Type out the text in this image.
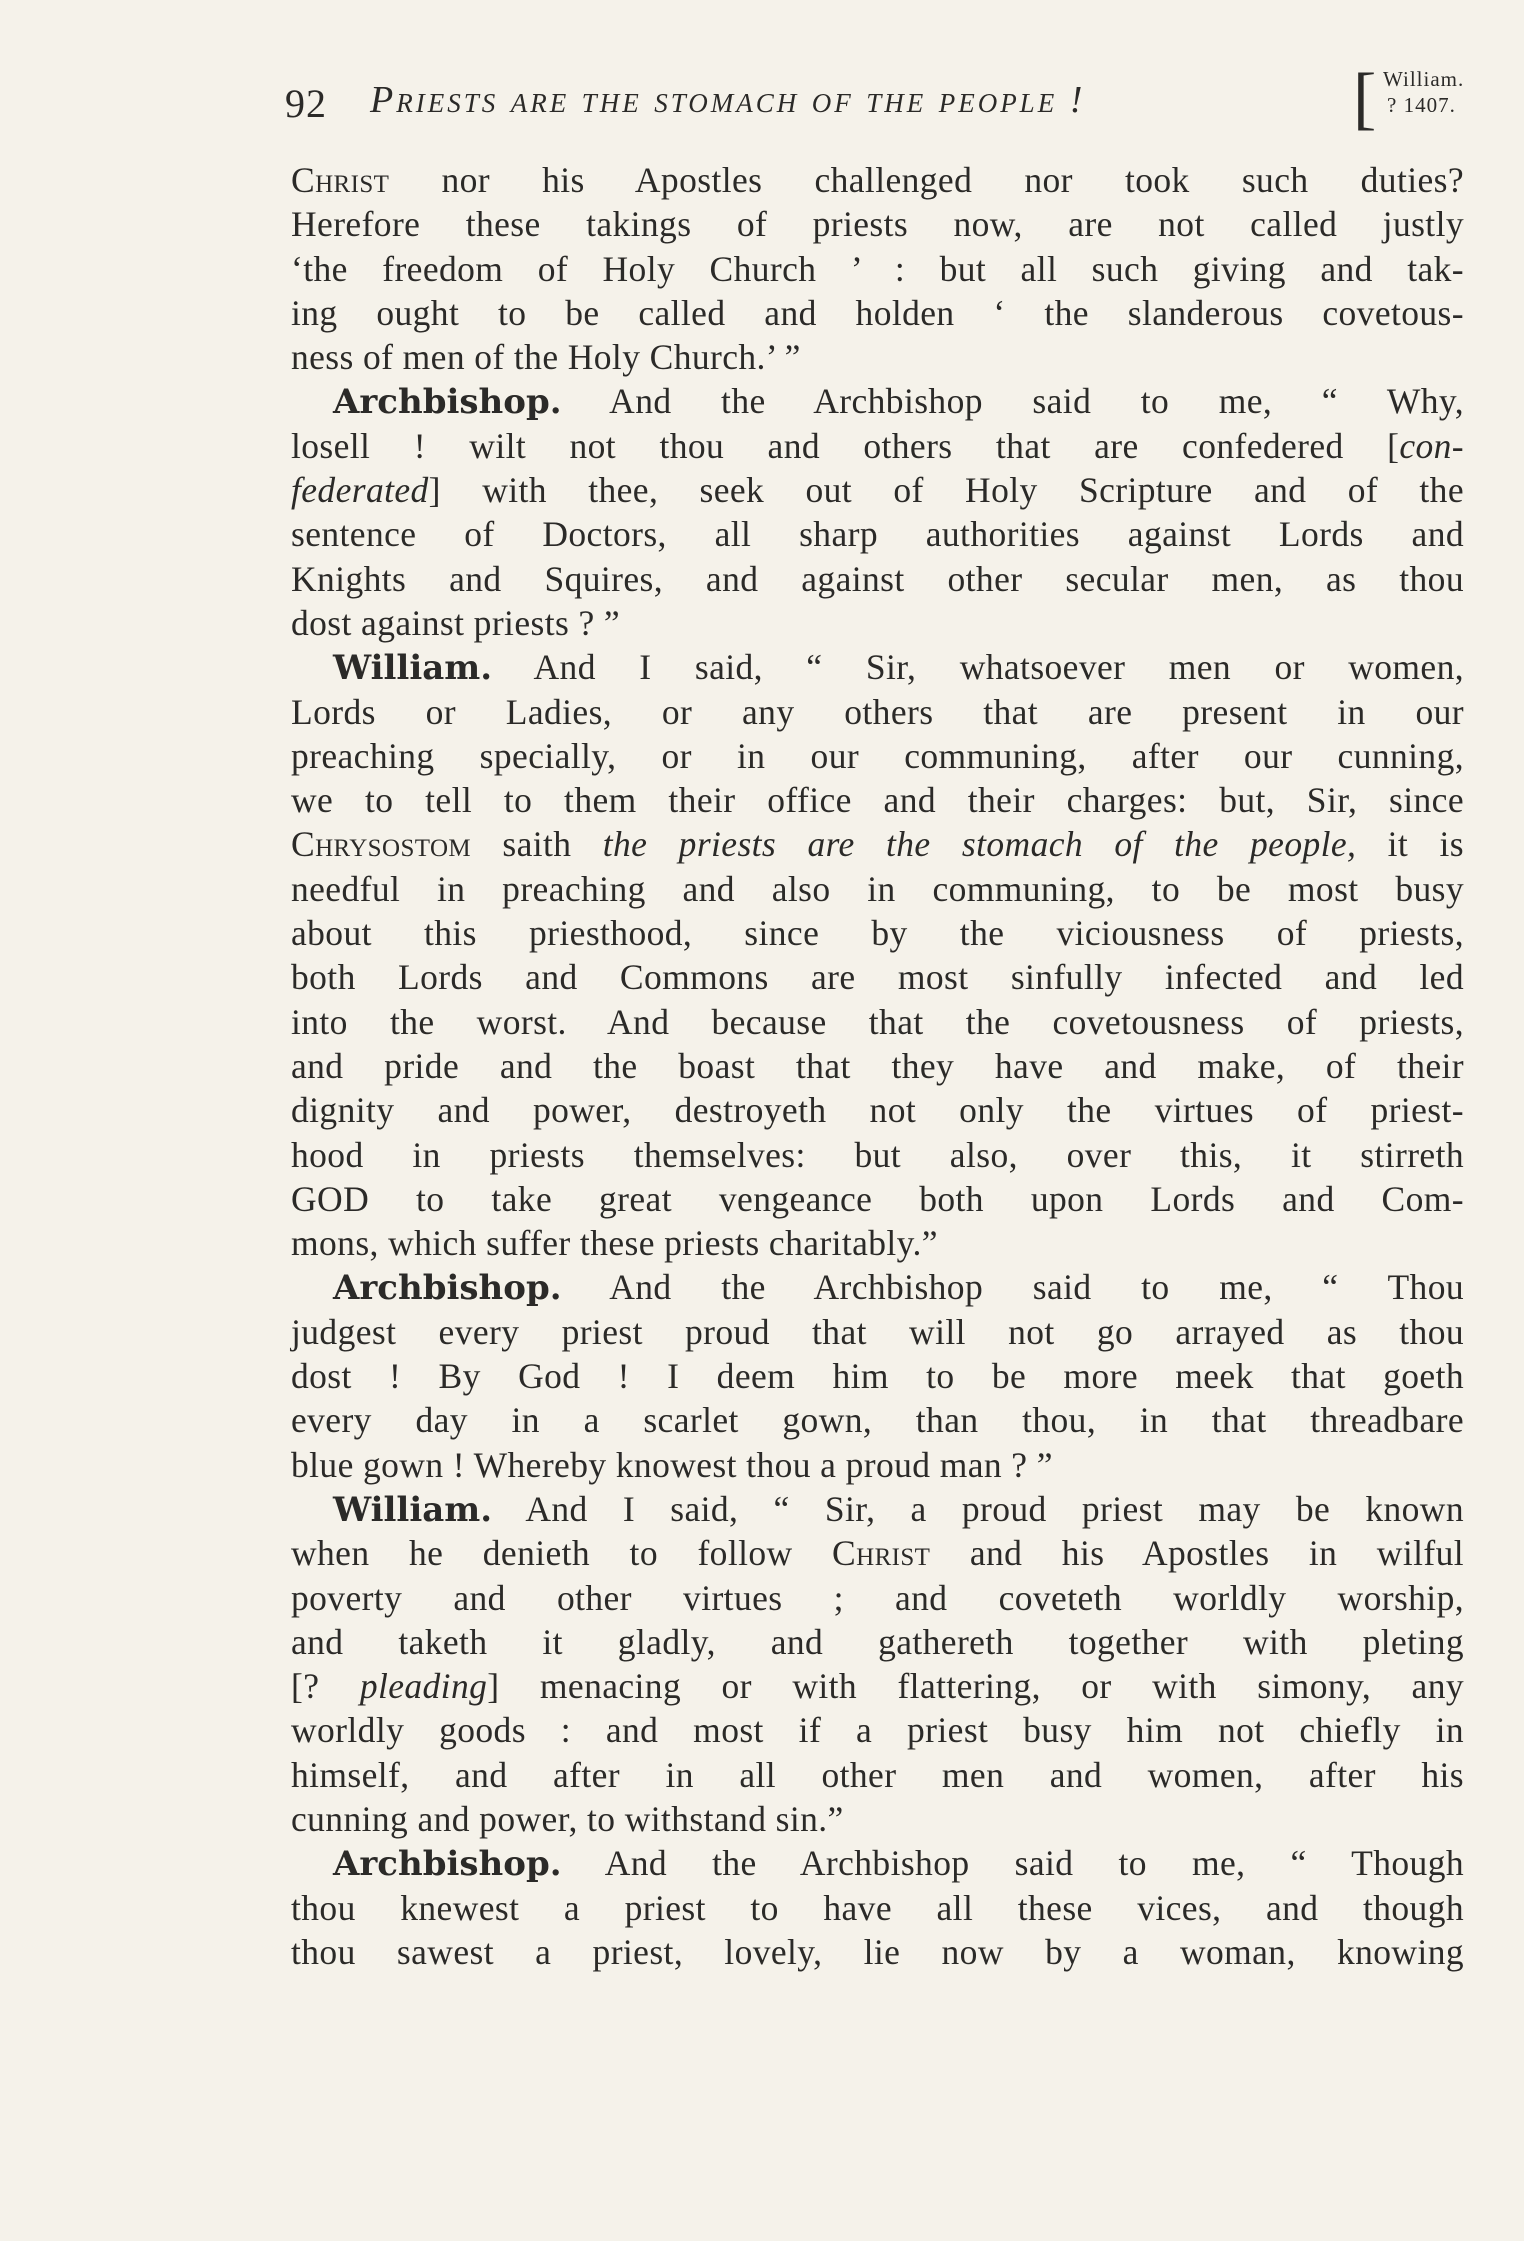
92 Priests are the stomach of the people !	[ William.
? 1407.
Christ nor his Apostles challenged nor took such duties?
Herefore these takings of priests now, are not called justly
‘the freedom of Holy Church ’ : but all such giving and tak-
ing ought to be called and holden ‘ the slanderous covetous-
ness of men of the Holy Church.’ ”
Archbishop. And the Archbishop said to me, “ Why,
losell ! wilt not thou and others that are confedered [con-
federated] with thee, seek out of Holy Scripture and of the
sentence of Doctors, all sharp authorities against Lords and
Knights and Squires, and against other secular men, as thou
dost against priests ? ”
William. And I said, “ Sir, whatsoever men or women,
Lords or Ladies, or any others that are present in our
preaching specially, or in our communing, after our cunning,
we to tell to them their office and their charges: but, Sir, since
Chrysostom saith the priests are the stomach of the people, it is
needful in preaching and also in communing, to be most busy
about this priesthood, since by the viciousness of priests,
both Lords and Commons are most sinfully infected and led
into the worst. And because that the covetousness of priests,
and pride and the boast that they have and make, of their
dignity and power, destroyeth not only the virtues of priest-
hood in priests themselves: but also, over this, it stirreth
GOD to take great vengeance both upon Lords and Com-
mons, which suffer these priests charitably.”
Archbishop. And the Archbishop said to me, “ Thou
judgest every priest proud that will not go arrayed as thou
dost ! By God ! I deem him to be more meek that goeth
every day in a scarlet gown, than thou, in that threadbare
blue gown ! Whereby knowest thou a proud man ? ”
William. And I said, “ Sir, a proud priest may be known
when he denieth to follow Christ and his Apostles in wilful
poverty and other virtues ; and coveteth worldly worship,
and taketh it gladly, and gathereth together with pleting
[? pleading] menacing or with flattering, or with simony, any
worldly goods : and most if a priest busy him not chiefly in
himself, and after in all other men and women, after his
cunning and power, to withstand sin.”
Archbishop. And the Archbishop said to me, “ Though
thou knewest a priest to have all these vices, and though
thou sawest a priest, lovely, lie now by a woman, knowing
